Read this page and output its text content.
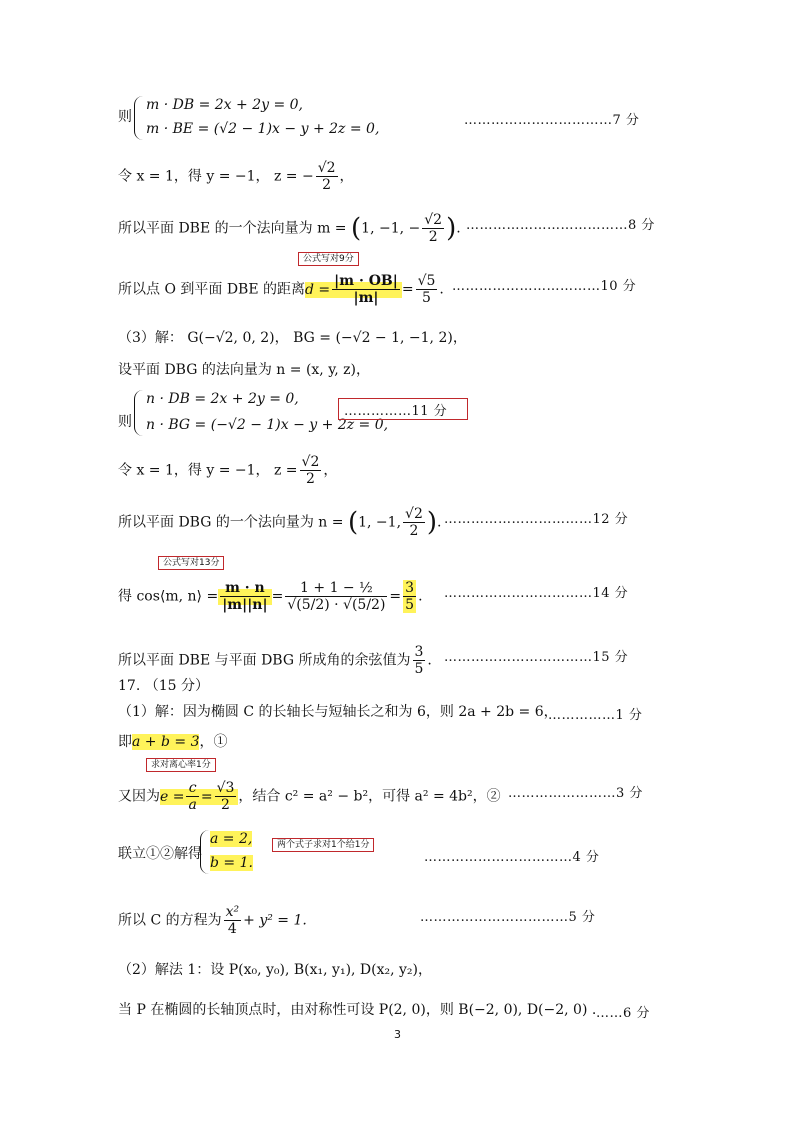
则
m · DB = 2x + 2y = 0,
m · BE = (√2 − 1)x − y + 2z = 0,
……………………………7 分
令 x = 1，得 y = −1， z = − $\frac{√2}{2}$ ，
所以平面 DBE 的一个法向量为 m = (1, −1, − $\frac{√2}{2}$ ). ………………………………8 分
公式写对9分
所以点 O 到平面 DBE 的距离$d = \frac{|m \cdot OB|}{|m|} = \frac{√5}{5}$ . ……………………………10 分
（3）解： G(−√2, 0, 2)， BG = (−√2 − 1, −1, 2)，
设平面 DBG 的法向量为 n = (x, y, z)，
则
n · DB = 2x + 2y = 0,
n · BG = (−√2 − 1)x − y + 2z = 0,
……………11 分
令 x = 1，得 y = −1， $z = \frac{√2}{2}$ ，
所以平面 DBG 的一个法向量为 n = (1, −1, $\frac{√2}{2}$ ). ……………………………12 分
公式写对13分
得 cos⟨m, n⟩ = $\frac{m \cdot n}{|m||n|} = \frac{\text{1 + 1 − ½}}{√(5/2) \cdot √(5/2)} = \frac{3}{5}$ . ……………………………14 分
所以平面 DBE 与平面 DBG 所成角的余弦值为 $\frac{3}{5}$ . ……………………………15 分
17. （15 分）
（1）解：因为椭圆 C 的长轴长与短轴长之和为 6，则 2a + 2b = 6，
……………1 分
即a + b = 3，①
求对离心率1分
又因为$e = \frac{c}{a} = \frac{√3}{2}$ ，结合 c² = a² − b²，可得 a² = 4b²，② ……………………3 分
联立①②解得
a = 2,
b = 1.
两个式子求对1个给1分
……………………………4 分
所以 C 的方程为 $\frac{\text{x²}}{4} + y^2 = 1$.	……………………………5 分
（2）解法 1：设 P(x₀, y₀), B(x₁, y₁), D(x₂, y₂)，
当 P 在椭圆的长轴顶点时，由对称性可设 P(2, 0)，则 B(−2, 0), D(−2, 0) . ……6 分
3
